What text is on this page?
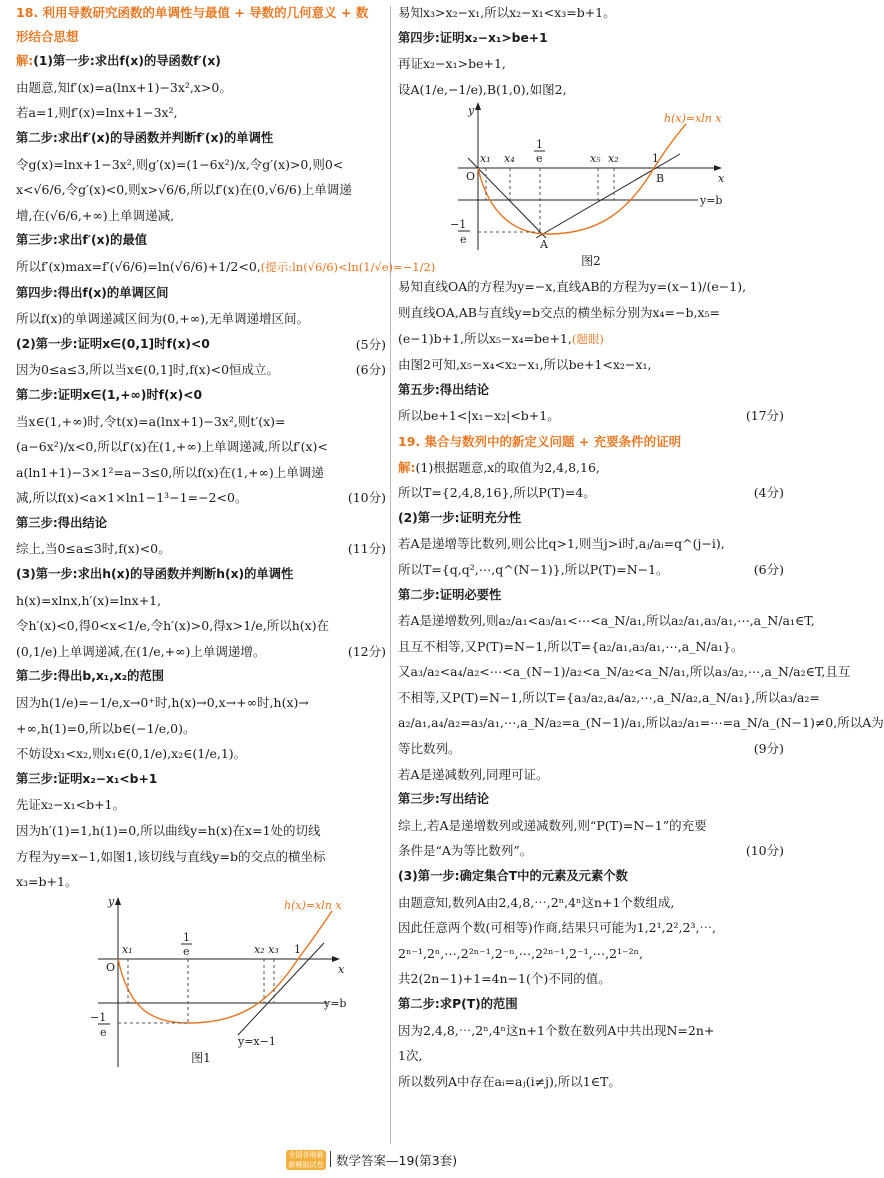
18. 利用导数研究函数的单调性与最值 + 导数的几何意义 + 数
形结合思想
解:(1)第一步:求出f(x)的导函数f′(x)
由题意,知f′(x)=a(lnx+1)−3x²,x>0。
若a=1,则f′(x)=lnx+1−3x²,
第二步:求出f′(x)的导函数并判断f′(x)的单调性
令g(x)=lnx+1−3x²,则g′(x)=(1−6x²)/x,令g′(x)>0,则0<
x<√6/6,令g′(x)<0,则x>√6/6,所以f′(x)在(0,√6/6)上单调递
增,在(√6/6,+∞)上单调递减,
第三步:求出f′(x)的最值
所以f′(x)max=f′(√6/6)=ln(√6/6)+1/2<0,(提示:ln(√6/6)<ln(1/√e)=−1/2)
第四步:得出f(x)的单调区间
所以f(x)的单调递减区间为(0,+∞),无单调递增区间。
(5分)
(2)第一步:证明x∈(0,1]时f(x)<0
因为0≤a≤3,所以当x∈(0,1]时,f(x)<0恒成立。	(6分)
第二步:证明x∈(1,+∞)时f(x)<0
当x∈(1,+∞)时,令t(x)=a(lnx+1)−3x²,则t′(x)=
(a−6x²)/x<0,所以f′(x)在(1,+∞)上单调递减,所以f′(x)<
a(ln1+1)−3×1²=a−3≤0,所以f(x)在(1,+∞)上单调递
减,所以f(x)<a×1×ln1−1³−1=−2<0。	(10分)
第三步:得出结论
综上,当0≤a≤3时,f(x)<0。	(11分)
(3)第一步:求出h(x)的导函数并判断h(x)的单调性
h(x)=xlnx,h′(x)=lnx+1,
令h′(x)<0,得0<x<1/e,令h′(x)>0,得x>1/e,所以h(x)在
(0,1/e)上单调递减,在(1/e,+∞)上单调递增。	(12分)
第二步:得出b,x₁,x₂的范围
因为h(1/e)=−1/e,x→0⁺时,h(x)→0,x→+∞时,h(x)→
+∞,h(1)=0,所以b∈(−1/e,0)。
不妨设x₁<x₂,则x₁∈(0,1/e),x₂∈(1/e,1)。
第三步:证明x₂−x₁<b+1
先证x₂−x₁<b+1。
因为h′(1)=1,h(1)=0,所以曲线y=h(x)在x=1处的切线
方程为y=x−1,如图1,该切线与直线y=b的交点的横坐标
x₃=b+1。
y
x
O
x₁
1
e	x₂ x₃ 1
y=b
−1
e
y=x−1
h(x)=xln x
图1
易知x₃>x₂−x₁,所以x₂−x₁<x₃=b+1。
第四步:证明x₂−x₁>be+1
再证x₂−x₁>be+1,
设A(1/e,−1/e),B(1,0),如图2,
y
x
O
x₁ x₄
1
e	x₅ x₂	1
B
y=b
−1
e	A
h(x)=xln x
图2
易知直线OA的方程为y=−x,直线AB的方程为y=(x−1)/(e−1),
则直线OA,AB与直线y=b交点的横坐标分别为x₄=−b,x₅=
(e−1)b+1,所以x₅−x₄=be+1,(题眼)
由图2可知,x₅−x₄<x₂−x₁,所以be+1<x₂−x₁,
第五步:得出结论
所以be+1<|x₁−x₂|<b+1。	(17分)
19. 集合与数列中的新定义问题 + 充要条件的证明
解:(1)根据题意,x的取值为2,4,8,16,
所以T={2,4,8,16},所以P(T)=4。	(4分)
(2)第一步:证明充分性
若A是递增等比数列,则公比q>1,则当j>i时,aⱼ/aᵢ=q^(j−i),
所以T={q,q²,⋯,q^(N−1)},所以P(T)=N−1。	(6分)
第二步:证明必要性
若A是递增数列,则a₂/a₁<a₃/a₁<⋯<a_N/a₁,所以a₂/a₁,a₃/a₁,⋯,a_N/a₁∈T,
且互不相等,又P(T)=N−1,所以T={a₂/a₁,a₃/a₁,⋯,a_N/a₁}。
又a₃/a₂<a₄/a₂<⋯<a_(N−1)/a₂<a_N/a₂<a_N/a₁,所以a₃/a₂,⋯,a_N/a₂∈T,且互
不相等,又P(T)=N−1,所以T={a₃/a₂,a₄/a₂,⋯,a_N/a₂,a_N/a₁},所以a₃/a₂=
a₂/a₁,a₄/a₂=a₃/a₁,⋯,a_N/a₂=a_(N−1)/a₁,所以a₂/a₁=⋯=a_N/a_(N−1)≠0,所以A为
等比数列。	(9分)
若A是递减数列,同理可证。
第三步:写出结论
综上,若A是递增数列或递减数列,则“P(T)=N−1”的充要
条件是“A为等比数列”。	(10分)
(3)第一步:确定集合T中的元素及元素个数
由题意知,数列A由2,4,8,⋯,2ⁿ,4ⁿ这n+1个数组成,
因此任意两个数(可相等)作商,结果只可能为1,2¹,2²,2³,⋯,
2ⁿ⁻¹,2ⁿ,⋯,2²ⁿ⁻¹,2⁻ⁿ,⋯,2²ⁿ⁻¹,2⁻¹,⋯,2¹⁻²ⁿ,
共2(2n−1)+1=4n−1(个)不同的值。
第二步:求P(T)的范围
因为2,4,8,⋯,2ⁿ,4ⁿ这n+1个数在数列A中共出现N=2n+
1次,
所以数列A中存在aᵢ=aⱼ(i≠j),所以1∈T。
全国各地最新模拟试卷 数学答案—19(第3套)
